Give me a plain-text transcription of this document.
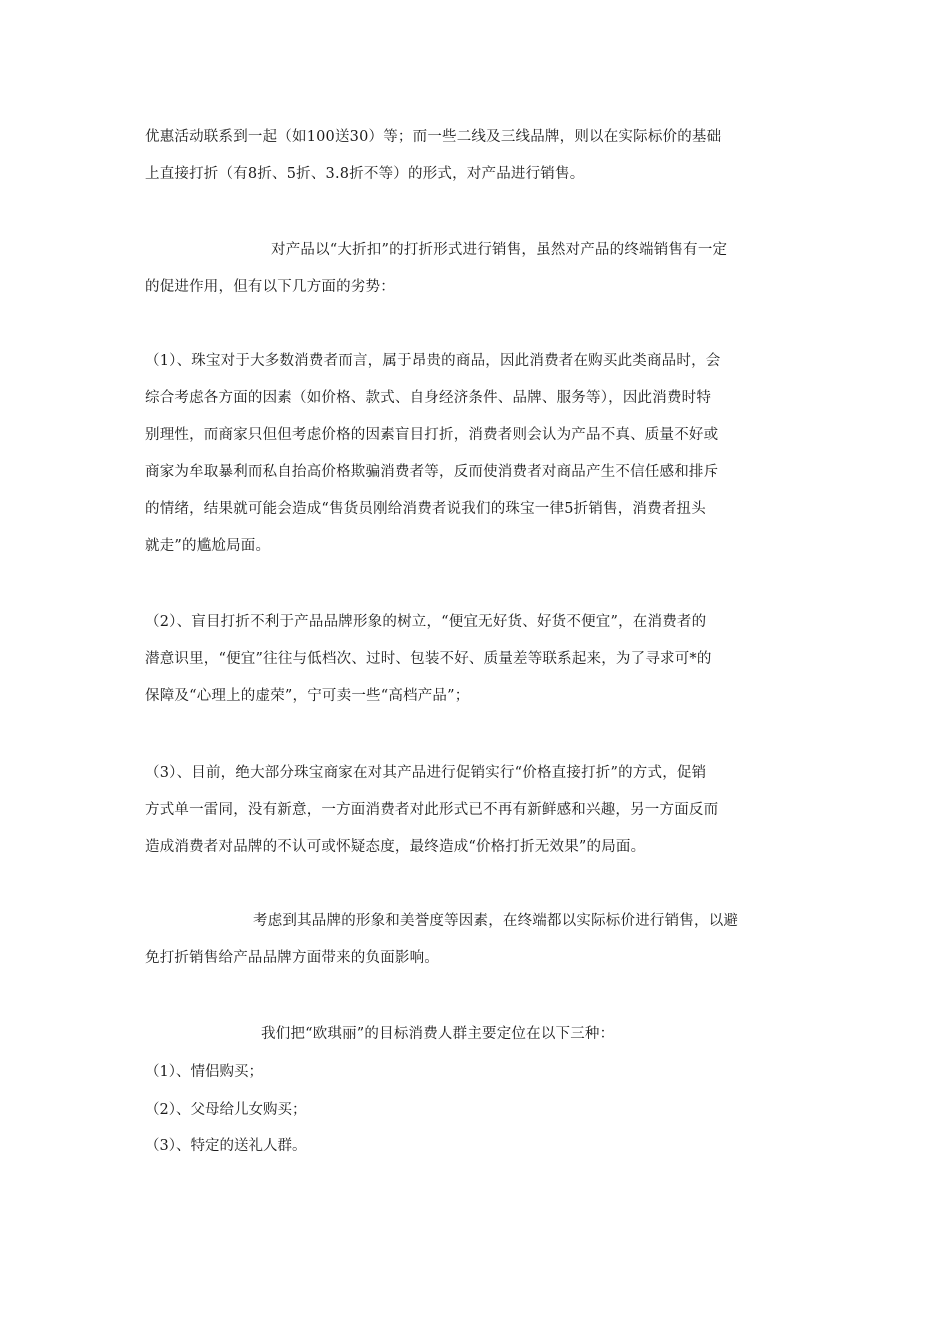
优惠活动联系到一起（如100送30）等；而一些二线及三线品牌，则以在实际标价的基础
上直接打折（有8折、5折、3.8折不等）的形式，对产品进行销售。

对产品以“大折扣”的打折形式进行销售，虽然对产品的终端销售有一定
的促进作用，但有以下几方面的劣势：

（1）、珠宝对于大多数消费者而言，属于昂贵的商品，因此消费者在购买此类商品时，会
综合考虑各方面的因素（如价格、款式、自身经济条件、品牌、服务等），因此消费时特
别理性，而商家只但但考虑价格的因素盲目打折，消费者则会认为产品不真、质量不好或
商家为牟取暴利而私自抬高价格欺骗消费者等，反而使消费者对商品产生不信任感和排斥
的情绪，结果就可能会造成“售货员刚给消费者说我们的珠宝一律5折销售，消费者扭头
就走”的尴尬局面。

（2）、盲目打折不利于产品品牌形象的树立，“便宜无好货、好货不便宜”，在消费者的
潜意识里，“便宜”往往与低档次、过时、包装不好、质量差等联系起来，为了寻求可*的
保障及“心理上的虚荣”，宁可卖一些“高档产品”；

（3）、目前，绝大部分珠宝商家在对其产品进行促销实行“价格直接打折”的方式，促销
方式单一雷同，没有新意，一方面消费者对此形式已不再有新鲜感和兴趣，另一方面反而
造成消费者对品牌的不认可或怀疑态度，最终造成“价格打折无效果”的局面。

考虑到其品牌的形象和美誉度等因素，在终端都以实际标价进行销售，以避
免打折销售给产品品牌方面带来的负面影响。

我们把“欧琪丽”的目标消费人群主要定位在以下三种：

（1）、情侣购买；

（2）、父母给儿女购买；

（3）、特定的送礼人群。
